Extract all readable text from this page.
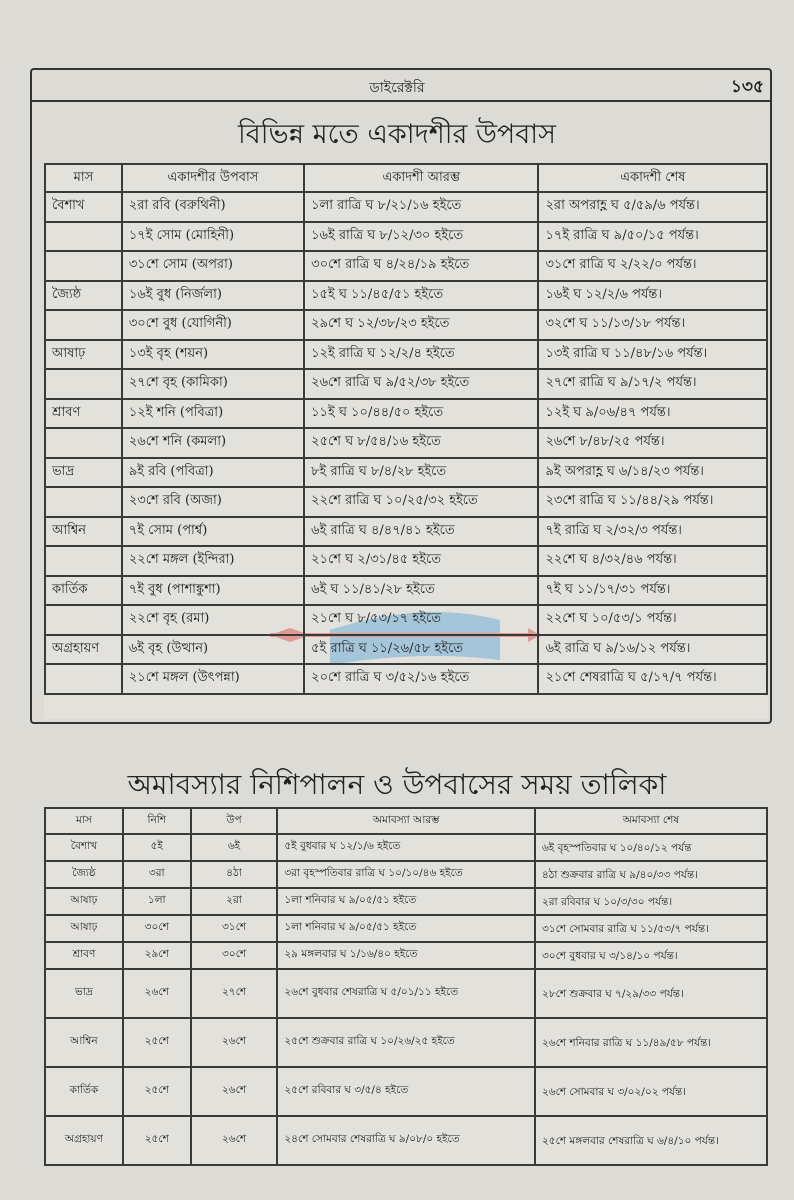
ডাইরেক্টরি	১৩৫
বিভিন্ন মতে একাদশীর উপবাস
মাস	একাদশীর উপবাস	একাদশী আরম্ভ	একাদশী শেষ
বৈশাখ	২রা রবি (বরুথিনী)	১লা রাত্রি ঘ ৮/২১/১৬ হইতে	২রা অপরাহ্ণ ঘ ৫/৫৯/৬ পর্যন্ত।
	১৭ই সোম (মোহিনী)	১৬ই রাত্রি ঘ ৮/১২/৩০ হইতে	১৭ই রাত্রি ঘ ৯/৫০/১৫ পর্যন্ত।
	৩১শে সোম (অপরা)	৩০শে রাত্রি ঘ ৪/২৪/১৯ হইতে	৩১শে রাত্রি ঘ ২/২২/০ পর্যন্ত।
জ্যৈষ্ঠ	১৬ই বুধ (নির্জলা)	১৫ই ঘ ১১/৪৫/৫১ হইতে	১৬ই ঘ ১২/২/৬ পর্যন্ত।
	৩০শে বুধ (যোগিনী)	২৯শে ঘ ১২/৩৮/২৩ হইতে	৩২শে ঘ ১১/১৩/১৮ পর্যন্ত।
আষাঢ়	১৩ই বৃহ (শয়ন)	১২ই রাত্রি ঘ ১২/২/৪ হইতে	১৩ই রাত্রি ঘ ১১/৪৮/১৬ পর্যন্ত।
	২৭শে বৃহ (কামিকা)	২৬শে রাত্রি ঘ ৯/৫২/৩৮ হইতে	২৭শে রাত্রি ঘ ৯/১৭/২ পর্যন্ত।
শ্রাবণ	১২ই শনি (পবিত্রা)	১১ই ঘ ১০/৪৪/৫০ হইতে	১২ই ঘ ৯/০৬/৪৭ পর্যন্ত।
	২৬শে শনি (কমলা)	২৫শে ঘ ৮/৫৪/১৬ হইতে	২৬শে ৮/৪৮/২৫ পর্যন্ত।
ভাদ্র	৯ই রবি (পবিত্রা)	৮ই রাত্রি ঘ ৮/৪/২৮ হইতে	৯ই অপরাহ্ণ ঘ ৬/১৪/২৩ পর্যন্ত।
	২৩শে রবি (অজা)	২২শে রাত্রি ঘ ১০/২৫/৩২ হইতে	২৩শে রাত্রি ঘ ১১/৪৪/২৯ পর্যন্ত।
আশ্বিন	৭ই সোম (পার্শ্ব)	৬ই রাত্রি ঘ ৪/৪৭/৪১ হইতে	৭ই রাত্রি ঘ ২/৩২/৩ পর্যন্ত।
	২২শে মঙ্গল (ইন্দিরা)	২১শে ঘ ২/৩১/৪৫ হইতে	২২শে ঘ ৪/৩২/৪৬ পর্যন্ত।
কার্তিক	৭ই বুধ (পাশাঙ্কুশা)	৬ই ঘ ১১/৪১/২৮ হইতে	৭ই ঘ ১১/১৭/৩১ পর্যন্ত।
	২২শে বৃহ (রমা)	২১শে ঘ ৮/৫৩/১৭ হইতে	২২শে ঘ ১০/৫৩/১ পর্যন্ত।
অগ্রহায়ণ	৬ই বৃহ (উত্থান)	৫ই রাত্রি ঘ ১১/২৬/৫৮ হইতে	৬ই রাত্রি ঘ ৯/১৬/১২ পর্যন্ত।
	২১শে মঙ্গল (উৎপন্না)	২০শে রাত্রি ঘ ৩/৫২/১৬ হইতে	২১শে শেষরাত্রি ঘ ৫/১৭/৭ পর্যন্ত।
অমাবস্যার নিশিপালন ও উপবাসের সময় তালিকা
মাস	নিশি	উপ	অমাবস্যা আরম্ভ	অমাবস্যা শেষ
বৈশাখ	৫ই	৬ই	৫ই বুধবার ঘ ১২/১/৬ হইতে	৬ই বৃহস্পতিবার ঘ ১০/৪০/১২ পর্যন্ত
জ্যৈষ্ঠ	৩রা	৪ঠা	৩রা বৃহস্পতিবার রাত্রি ঘ ১০/১০/৪৬ হইতে	৪ঠা শুক্রবার রাত্রি ঘ ৯/৪০/৩৩ পর্যন্ত।
আষাঢ়	১লা	২রা	১লা শনিবার ঘ ৯/০৫/৫১ হইতে	২রা রবিবার ঘ ১০/৩/৩০ পর্যন্ত।
আষাঢ়	৩০শে	৩১শে	১লা শনিবার ঘ ৯/০৫/৫১ হইতে	৩১শে সোমবার রাত্রি ঘ ১১/৫৩/৭ পর্যন্ত।
শ্রাবণ	২৯শে	৩০শে	২৯ মঙ্গলবার ঘ ১/১৬/৪০ হইতে	৩০শে বুধবার ঘ ৩/১৪/১০ পর্যন্ত।
ভাদ্র	২৬শে	২৭শে	২৬শে বুধবার শেষরাত্রি ঘ ৫/০১/১১ হইতে	২৮শে শুক্রবার ঘ ৭/২৯/৩৩ পর্যন্ত।
আশ্বিন	২৫শে	২৬শে	২৫শে শুক্রবার রাত্রি ঘ ১০/২৬/২৫ হইতে	২৬শে শনিবার রাত্রি ঘ ১১/৪৯/৫৮ পর্যন্ত।
কার্তিক	২৫শে	২৬শে	২৫শে রবিবার ঘ ৩/৫/৪ হইতে	২৬শে সোমবার ঘ ৩/০২/০২ পর্যন্ত।
অগ্রহায়ণ	২৫শে	২৬শে	২৪শে সোমবার শেষরাত্রি ঘ ৯/০৮/০ হইতে	২৫শে মঙ্গলবার শেষরাত্রি ঘ ৬/৪/১০ পর্যন্ত।
